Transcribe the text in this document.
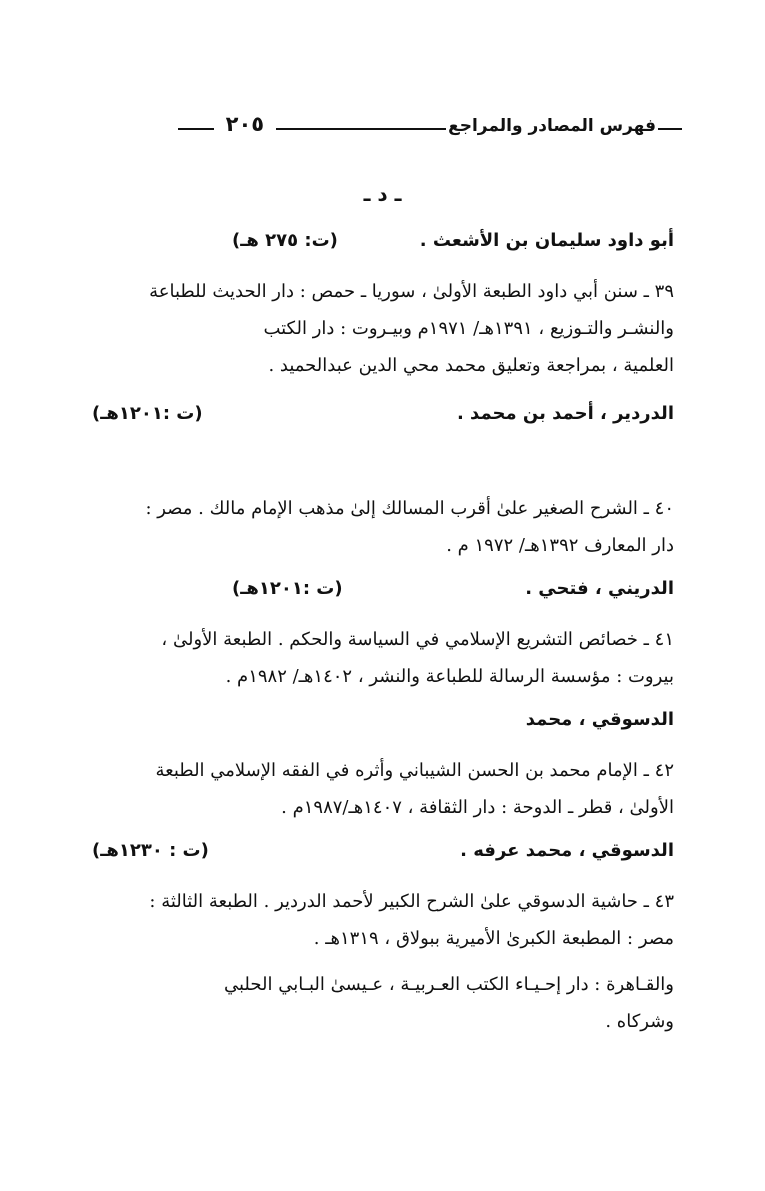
فهرس المصادر والمراجع
٢٠٥
ـ د ـ
أبو داود سليمان بن الأشعث .
(ت: ٢٧٥ هـ)
٣٩ ـ سنن أبي داود الطبعة الأولىٰ ، سوريا ـ حمص : دار الحديث للطباعة
والنشـر والتـوزيع ، ١٣٩١هـ/ ١٩٧١م وبيـروت : دار الكتب
العلمية ، بمراجعة وتعليق محمد محي الدين عبدالحميد .
الدردير ، أحمد بن محمد .
(ت :١٢٠١هـ)
٤٠ ـ الشرح الصغير علىٰ أقرب المسالك إلىٰ مذهب الإمام مالك . مصر :
دار المعارف ١٣٩٢هـ/ ١٩٧٢ م .
الدريني ، فتحي .
(ت :١٢٠١هـ)
٤١ ـ خصائص التشريع الإسلامي في السياسة والحكم . الطبعة الأولىٰ ،
بيروت : مؤسسة الرسالة للطباعة والنشر ، ١٤٠٢هـ/ ١٩٨٢م .
الدسوقي ، محمد
٤٢ ـ الإمام محمد بن الحسن الشيباني وأثره في الفقه الإسلامي الطبعة
الأولىٰ ، قطر ـ الدوحة : دار الثقافة ، ١٤٠٧هـ/١٩٨٧م .
الدسوقي ، محمد عرفه .
(ت : ١٢٣٠هـ)
٤٣ ـ حاشية الدسوقي علىٰ الشرح الكبير لأحمد الدردير . الطبعة الثالثة :
مصر : المطبعة الكبرىٰ الأميرية ببولاق ، ١٣١٩هـ .
والقـاهرة : دار إحـيـاء الكتب العـربيـة ، عـيسىٰ البـابي الحلبي
وشركاه .
